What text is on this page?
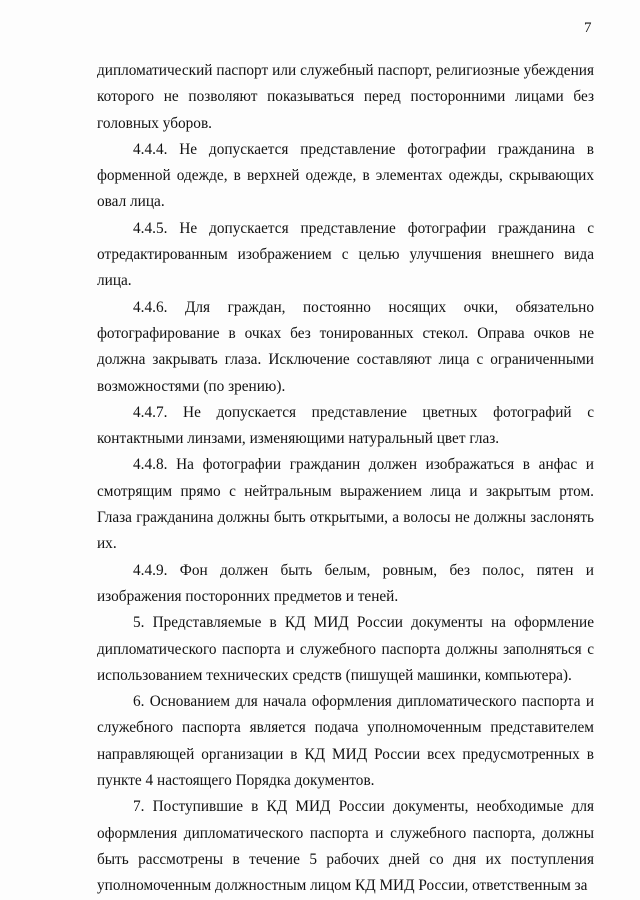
7

дипломатический паспорт или служебный паспорт, религиозные убеждения которого не позволяют показываться перед посторонними лицами без головных уборов.

4.4.4. Не допускается представление фотографии гражданина в форменной одежде, в верхней одежде, в элементах одежды, скрывающих овал лица.

4.4.5. Не допускается представление фотографии гражданина с отредактированным изображением с целью улучшения внешнего вида лица.

4.4.6. Для граждан, постоянно носящих очки, обязательно фотографирование в очках без тонированных стекол. Оправа очков не должна закрывать глаза. Исключение составляют лица с ограниченными возможностями (по зрению).

4.4.7. Не допускается представление цветных фотографий с контактными линзами, изменяющими натуральный цвет глаз.

4.4.8. На фотографии гражданин должен изображаться в анфас и смотрящим прямо с нейтральным выражением лица и закрытым ртом. Глаза гражданина должны быть открытыми, а волосы не должны заслонять их.

4.4.9. Фон должен быть белым, ровным, без полос, пятен и изображения посторонних предметов и теней.

5. Представляемые в КД МИД России документы на оформление дипломатического паспорта и служебного паспорта должны заполняться с использованием технических средств (пишущей машинки, компьютера).

6. Основанием для начала оформления дипломатического паспорта и служебного паспорта является подача уполномоченным представителем направляющей организации в КД МИД России всех предусмотренных в пункте 4 настоящего Порядка документов.

7. Поступившие в КД МИД России документы, необходимые для оформления дипломатического паспорта и служебного паспорта, должны быть рассмотрены в течение 5 рабочих дней со дня их поступления уполномоченным должностным лицом КД МИД России, ответственным за
